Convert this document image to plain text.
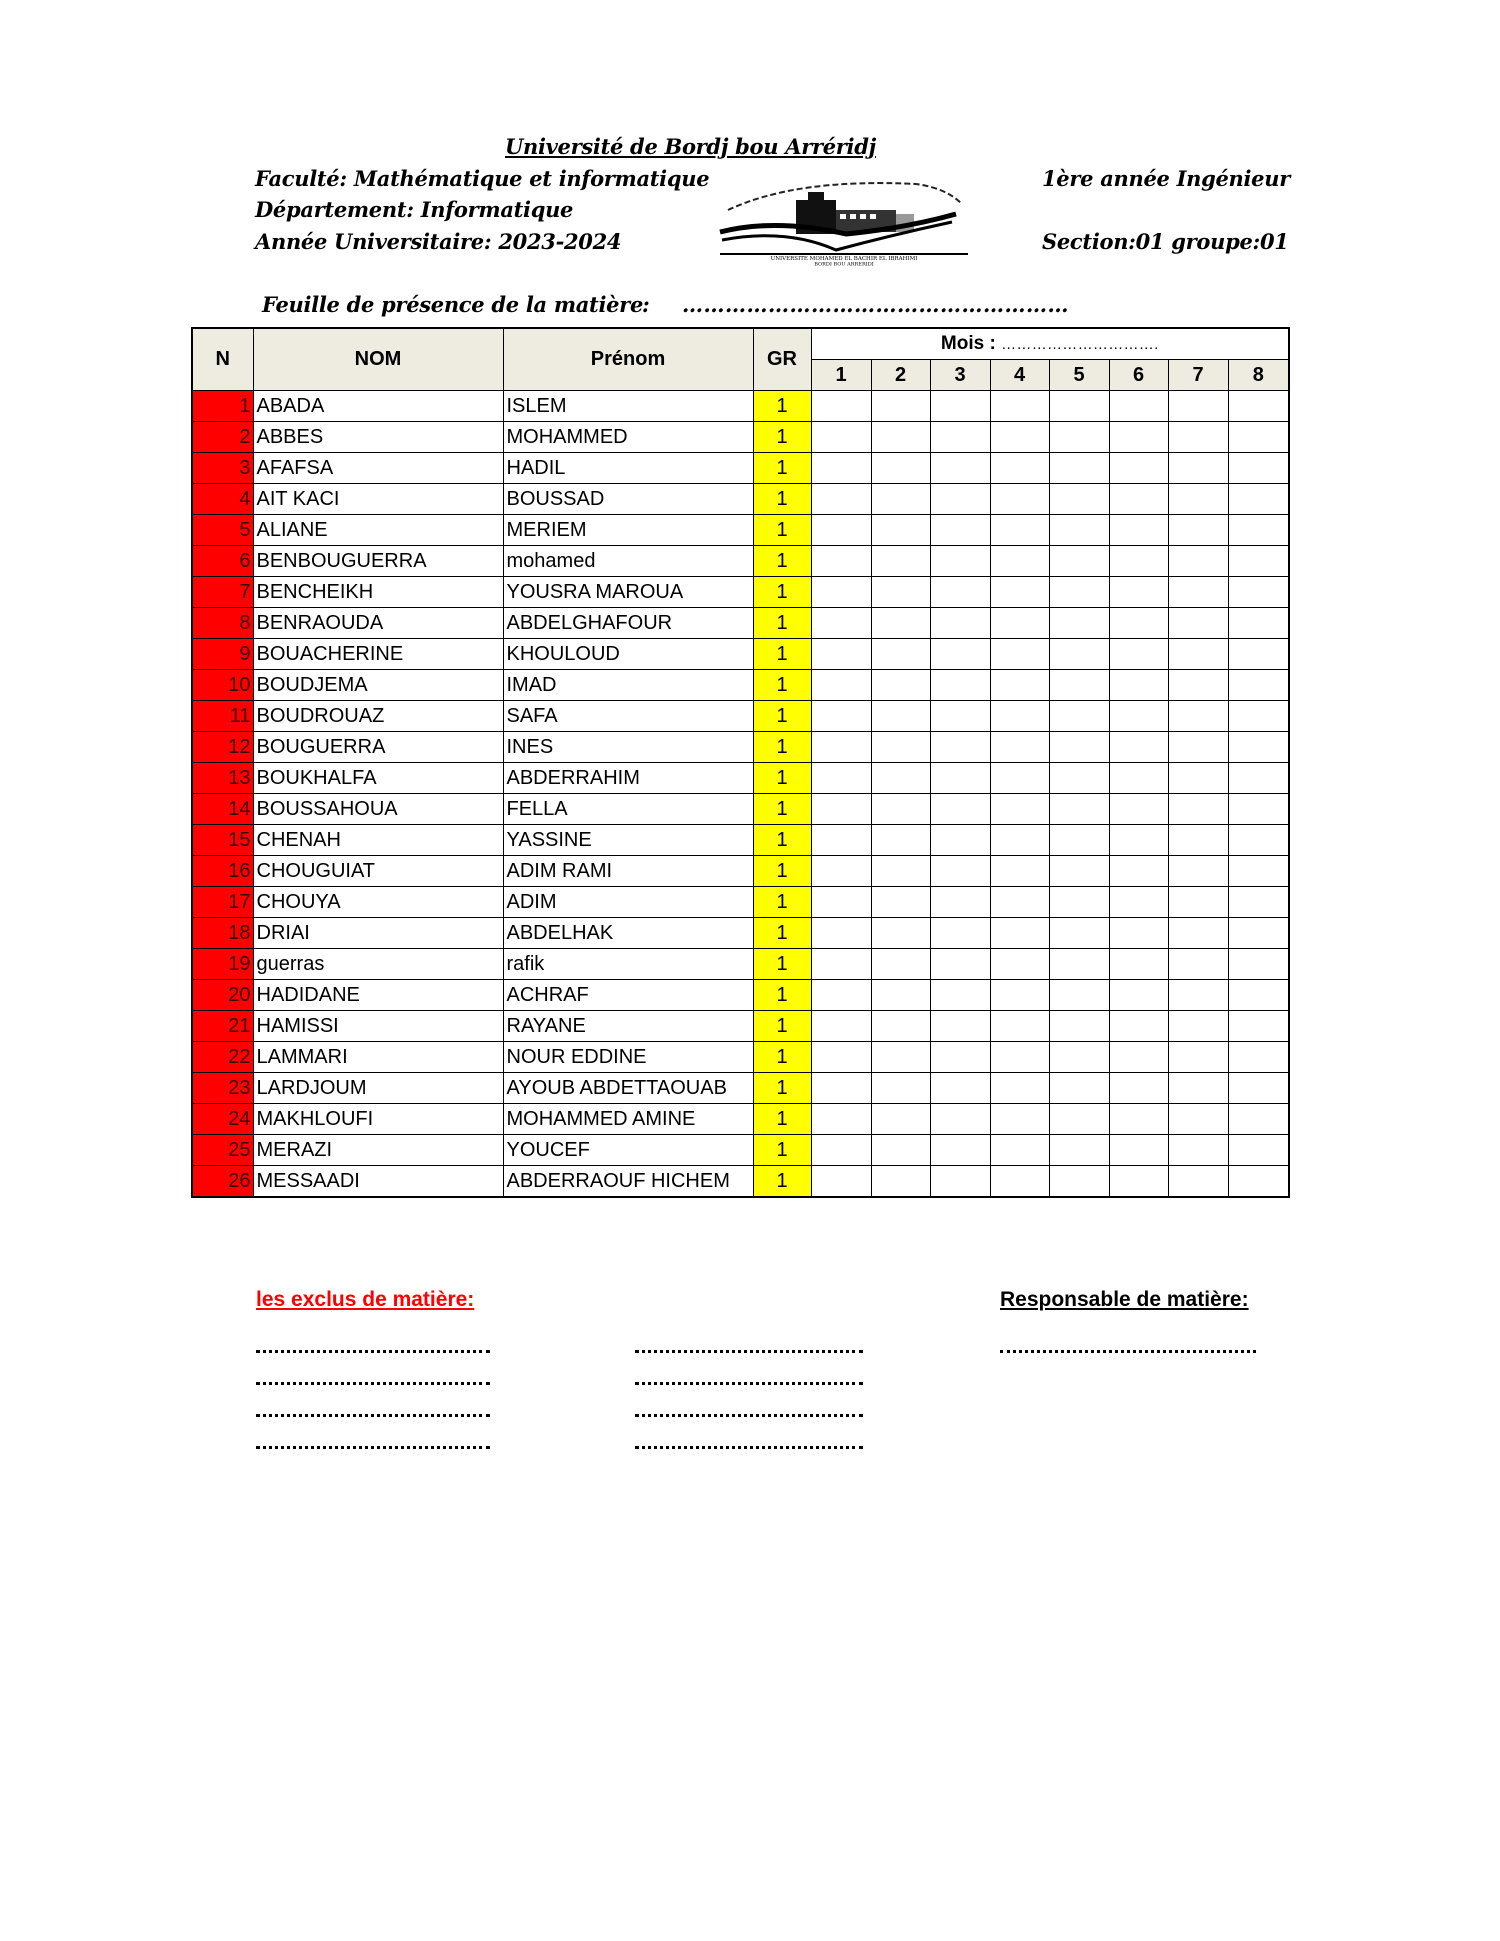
Université de Bordj bou Arréridj
Faculté: Mathématique et informatique
Département: Informatique
Année Universitaire: 2023-2024
1ère année Ingénieur
Section:01 groupe:01
UNIVERSITE MOHAMED EL BACHIR EL IBRAHIMI
BORDJ BOU ARRERIDJ
Feuille de présence de la matière
: ………………………………………………
N	NOM	Prénom	GR	Mois : ………………………….							
				1	2	3	4	5	6	7	8
1	ABADA	ISLEM	1								
2	ABBES	MOHAMMED	1								
3	AFAFSA	HADIL	1								
4	AIT KACI	BOUSSAD	1								
5	ALIANE	MERIEM	1								
6	BENBOUGUERRA	mohamed	1								
7	BENCHEIKH	YOUSRA MAROUA	1								
8	BENRAOUDA	ABDELGHAFOUR	1								
9	BOUACHERINE	KHOULOUD	1								
10	BOUDJEMA	IMAD	1								
11	BOUDROUAZ	SAFA	1								
12	BOUGUERRA	INES	1								
13	BOUKHALFA	ABDERRAHIM	1								
14	BOUSSAHOUA	FELLA	1								
15	CHENAH	YASSINE	1								
16	CHOUGUIAT	ADIM RAMI	1								
17	CHOUYA	ADIM	1								
18	DRIAI	ABDELHAK	1								
19	guerras	rafik	1								
20	HADIDANE	ACHRAF	1								
21	HAMISSI	RAYANE	1								
22	LAMMARI	NOUR EDDINE	1								
23	LARDJOUM	AYOUB ABDETTAOUAB	1								
24	MAKHLOUFI	MOHAMMED AMINE	1								
25	MERAZI	YOUCEF	1								
26	MESSAADI	ABDERRAOUF HICHEM	1								
les exclus de matière:	Responsable de matière:
